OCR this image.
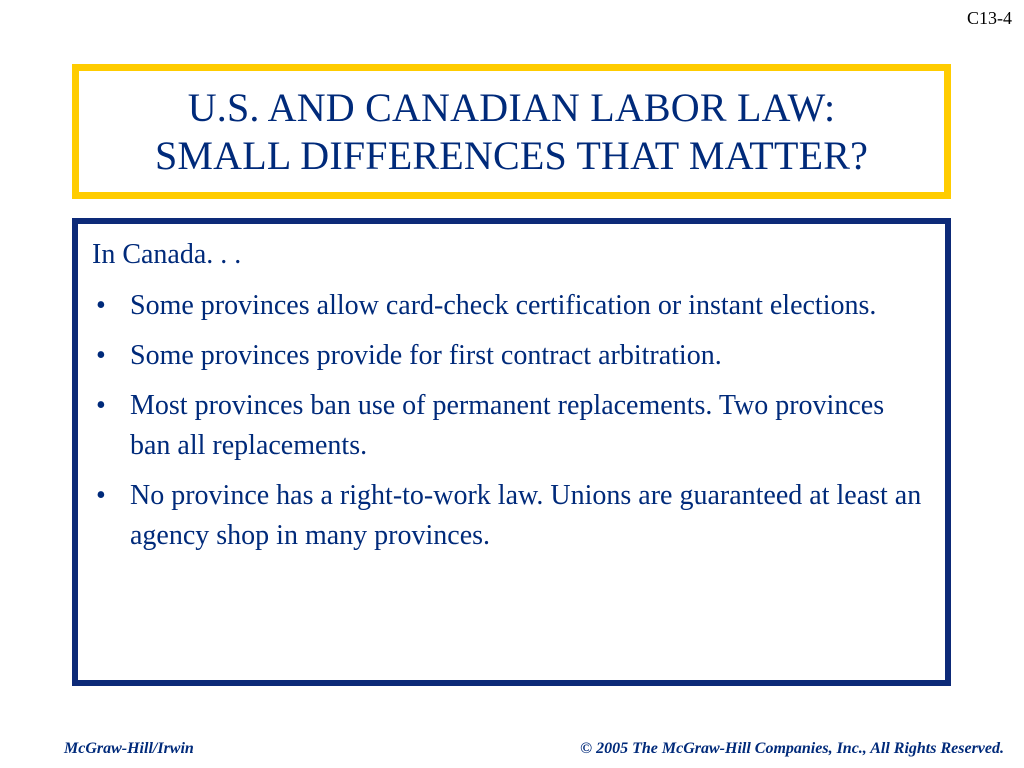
C13-4
U.S. AND CANADIAN LABOR LAW:
SMALL DIFFERENCES THAT MATTER?
In Canada. . .
• Some provinces allow card-check certification or instant elections.
• Some provinces provide for first contract arbitration.
• Most provinces ban use of permanent replacements. Two provinces ban all replacements.
• No province has a right-to-work law. Unions are guaranteed at least an agency shop in many provinces.
McGraw-Hill/Irwin	© 2005 The McGraw-Hill Companies, Inc., All Rights Reserved.
